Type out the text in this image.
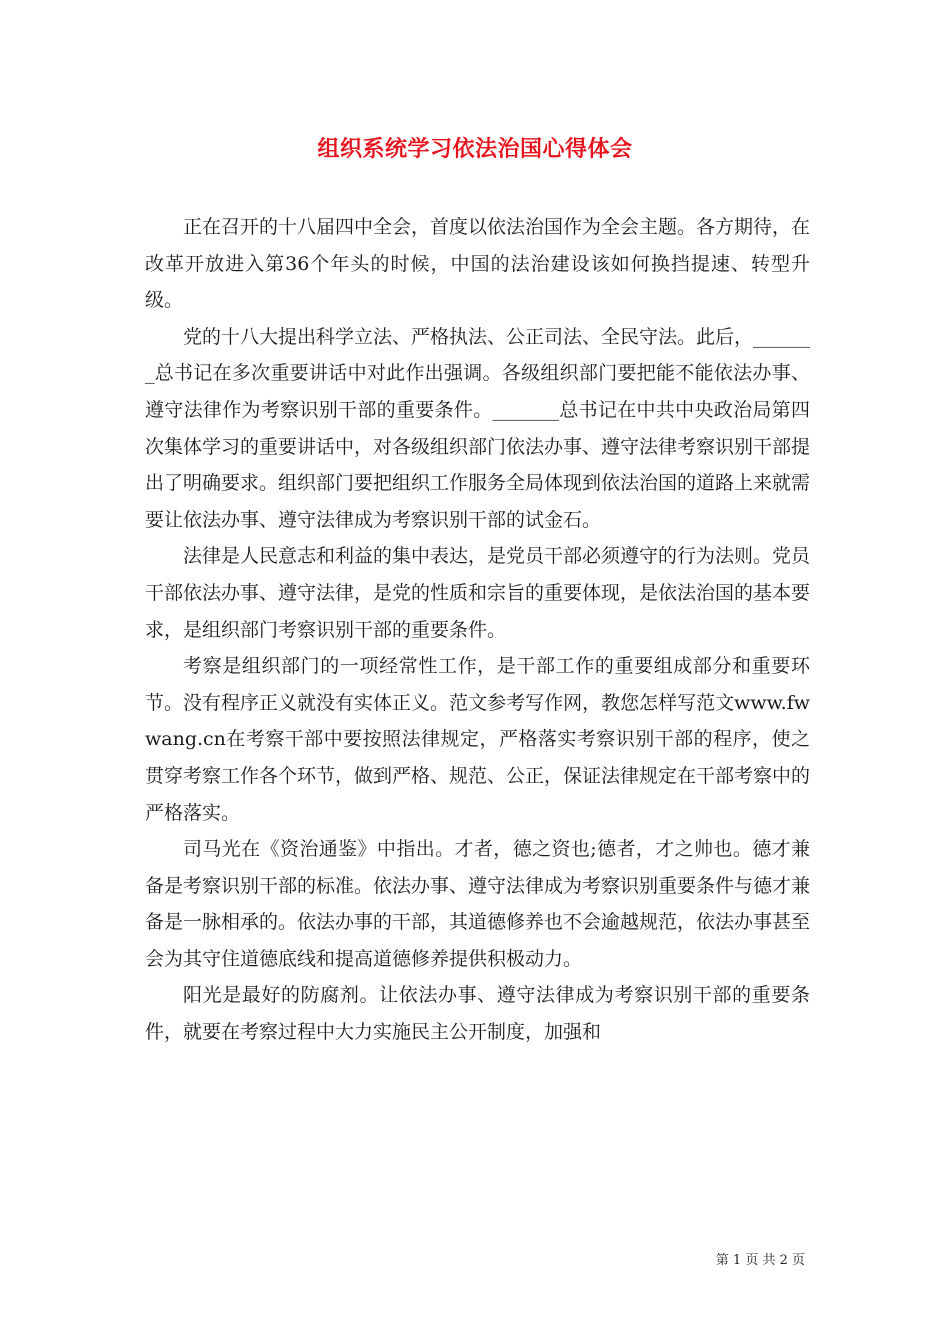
组织系统学习依法治国心得体会

正在召开的十八届四中全会，首度以依法治国作为全会主题。各方期待，在改革开放进入第36个年头的时候，中国的法治建设该如何换挡提速、转型升级。

党的十八大提出科学立法、严格执法、公正司法、全民守法。此后，_______总书记在多次重要讲话中对此作出强调。各级组织部门要把能不能依法办事、遵守法律作为考察识别干部的重要条件。_______总书记在中共中央政治局第四次集体学习的重要讲话中，对各级组织部门依法办事、遵守法律考察识别干部提出了明确要求。组织部门要把组织工作服务全局体现到依法治国的道路上来就需要让依法办事、遵守法律成为考察识别干部的试金石。

法律是人民意志和利益的集中表达，是党员干部必须遵守的行为法则。党员干部依法办事、遵守法律，是党的性质和宗旨的重要体现，是依法治国的基本要求，是组织部门考察识别干部的重要条件。

考察是组织部门的一项经常性工作，是干部工作的重要组成部分和重要环节。没有程序正义就没有实体正义。范文参考写作网，教您怎样写范文www.fwwang.cn在考察干部中要按照法律规定，严格落实考察识别干部的程序，使之贯穿考察工作各个环节，做到严格、规范、公正，保证法律规定在干部考察中的严格落实。

司马光在《资治通鉴》中指出。才者，德之资也;德者，才之帅也。德才兼备是考察识别干部的标准。依法办事、遵守法律成为考察识别重要条件与德才兼备是一脉相承的。依法办事的干部，其道德修养也不会逾越规范，依法办事甚至会为其守住道德底线和提高道德修养提供积极动力。

阳光是最好的防腐剂。让依法办事、遵守法律成为考察识别干部的重要条件，就要在考察过程中大力实施民主公开制度，加强和

第 1 页 共 2 页
